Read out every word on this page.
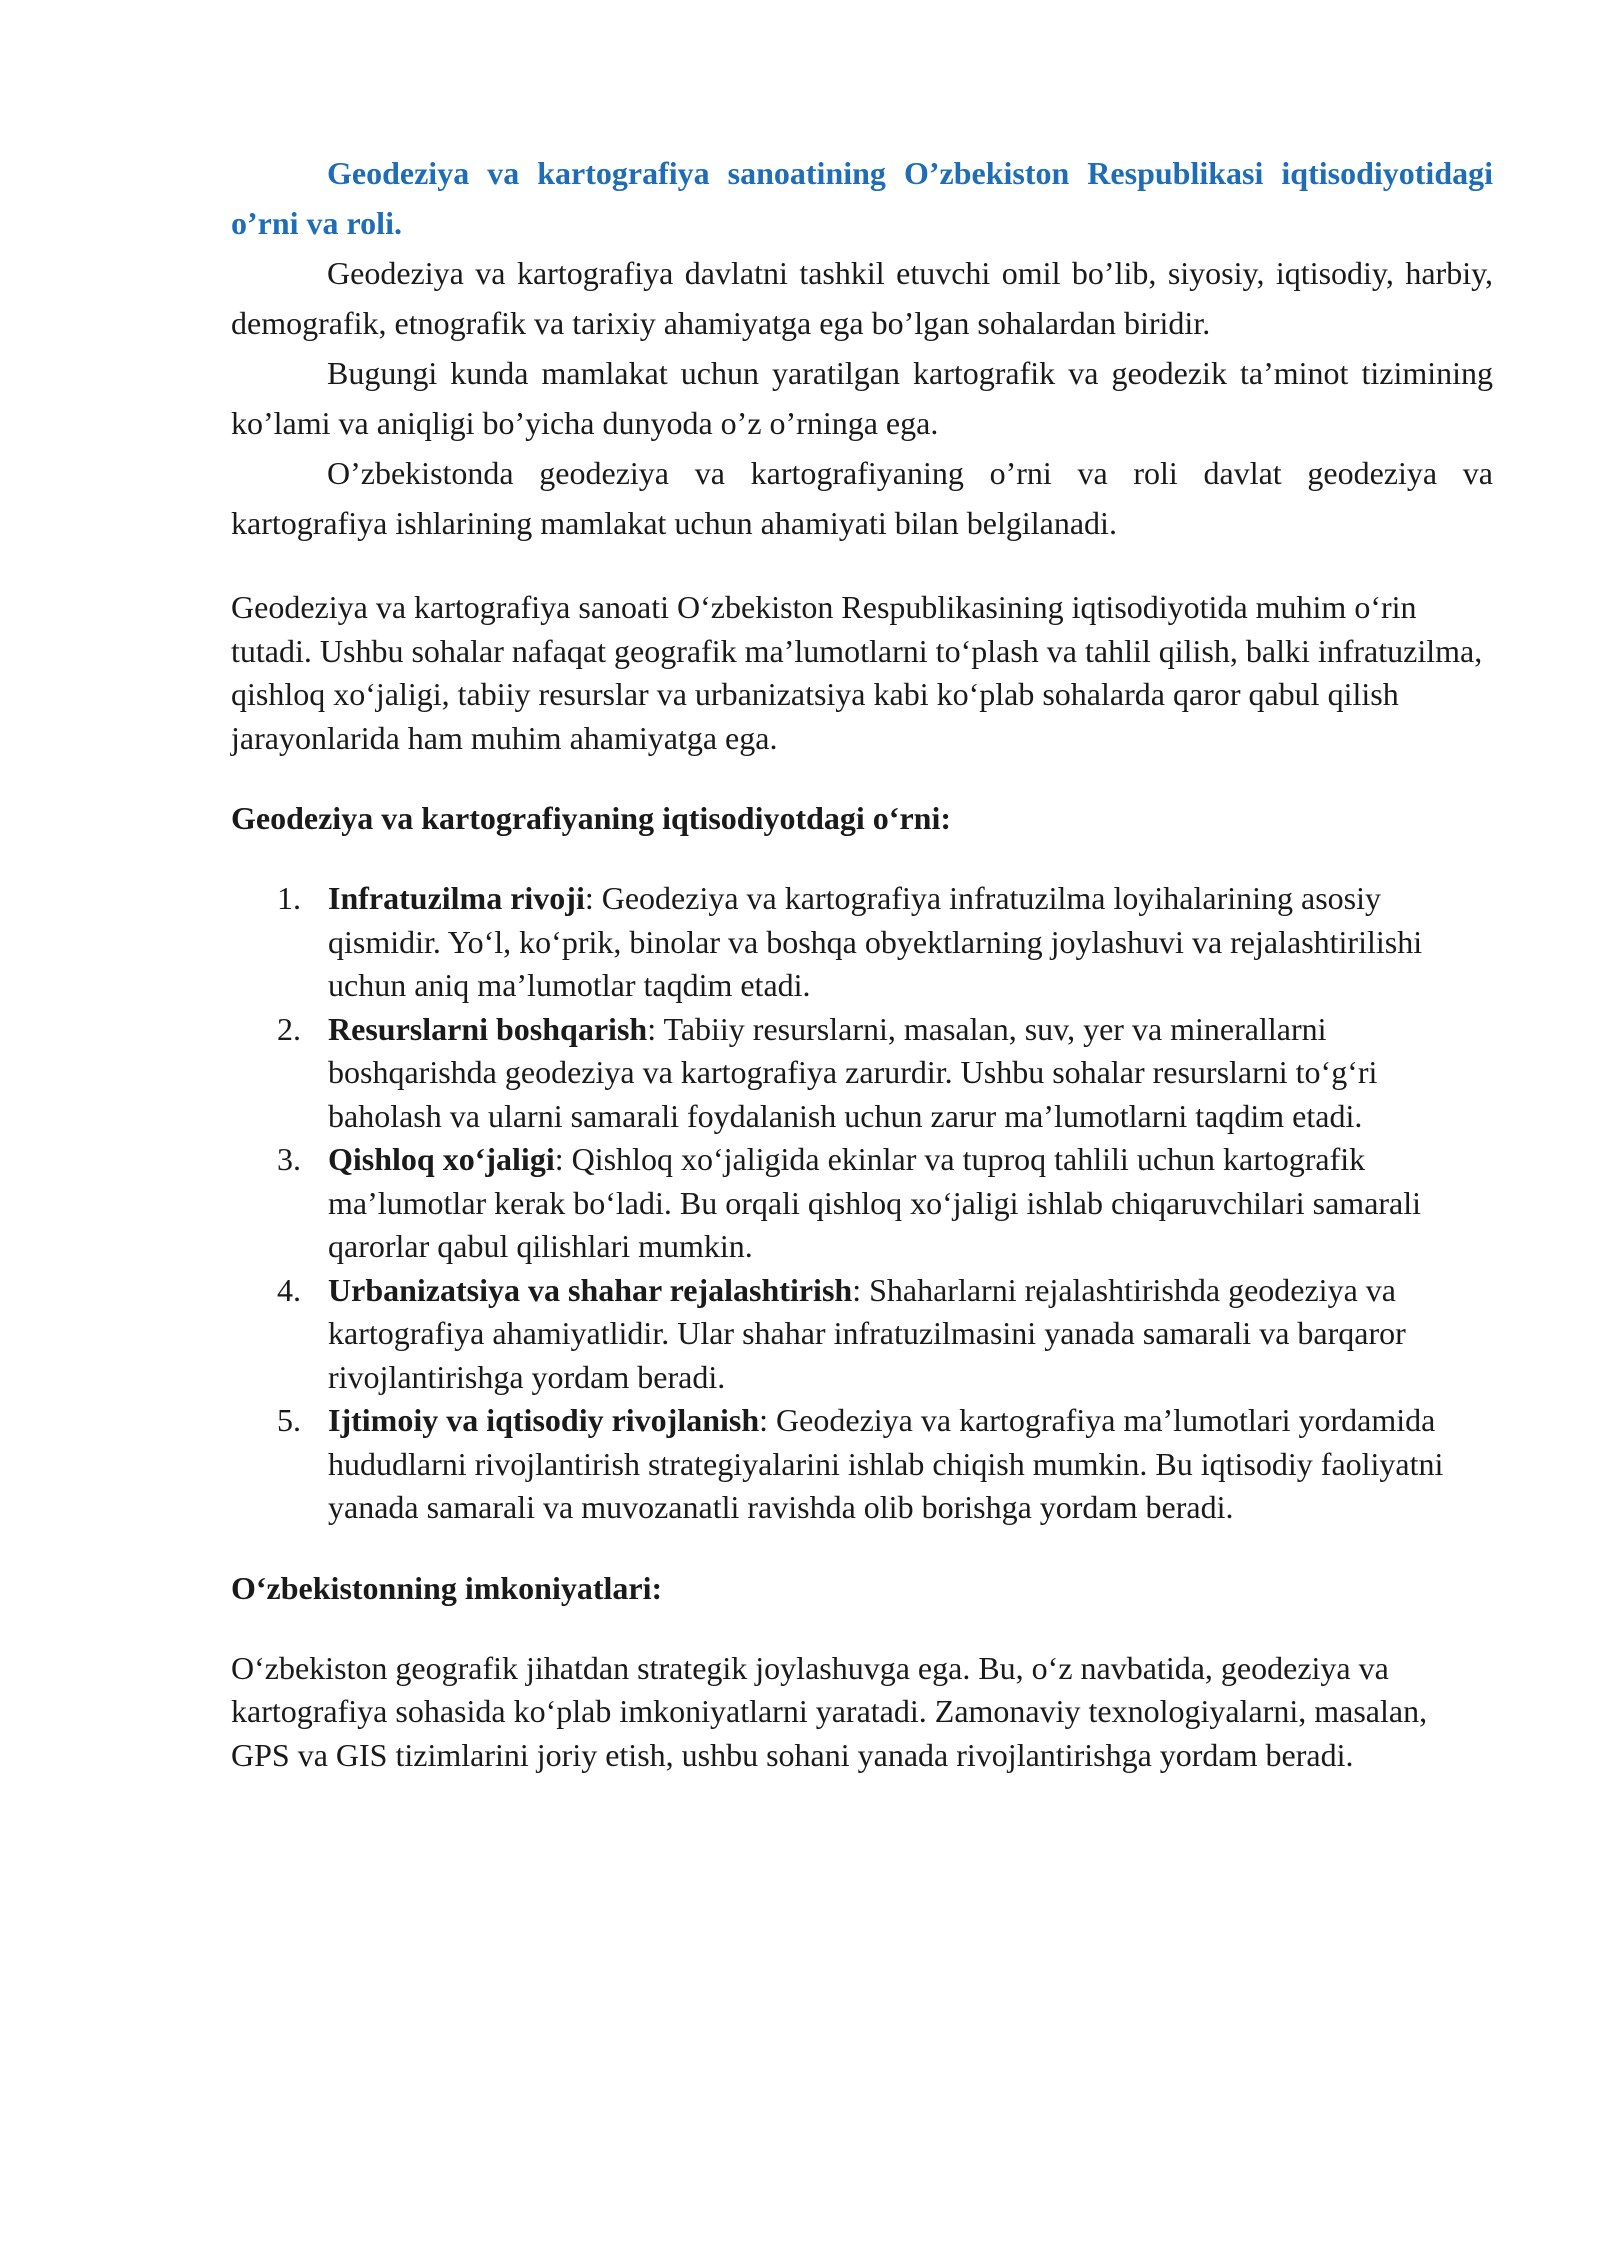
Geodeziya va kartografiya sanoatining O’zbekiston Respublikasi iqtisodiyotidagi o’rni va roli.

Geodeziya va kartografiya davlatni tashkil etuvchi omil bo’lib, siyosiy, iqtisodiy, harbiy, demografik, etnografik va tarixiy ahamiyatga ega bo’lgan sohalardan biridir.

Bugungi kunda mamlakat uchun yaratilgan kartografik va geodezik ta’minot tizimining ko’lami va aniqligi bo’yicha dunyoda o’z o’rninga ega.

O’zbekistonda geodeziya va kartografiyaning o’rni va roli davlat geodeziya va kartografiya ishlarining mamlakat uchun ahamiyati bilan belgilanadi.

Geodeziya va kartografiya sanoati O‘zbekiston Respublikasining iqtisodiyotida muhim o‘rin tutadi. Ushbu sohalar nafaqat geografik ma’lumotlarni to‘plash va tahlil qilish, balki infratuzilma, qishloq xo‘jaligi, tabiiy resurslar va urbanizatsiya kabi ko‘plab sohalarda qaror qabul qilish jarayonlarida ham muhim ahamiyatga ega.

Geodeziya va kartografiyaning iqtisodiyotdagi o‘rni:

1. Infratuzilma rivoji: Geodeziya va kartografiya infratuzilma loyihalarining asosiy qismidir. Yo‘l, ko‘prik, binolar va boshqa obyektlarning joylashuvi va rejalashtirilishi uchun aniq ma’lumotlar taqdim etadi.
2. Resurslarni boshqarish: Tabiiy resurslarni, masalan, suv, yer va minerallarni boshqarishda geodeziya va kartografiya zarurdir. Ushbu sohalar resurslarni to‘g‘ri baholash va ularni samarali foydalanish uchun zarur ma’lumotlarni taqdim etadi.
3. Qishloq xo‘jaligi: Qishloq xo‘jaligida ekinlar va tuproq tahlili uchun kartografik ma’lumotlar kerak bo‘ladi. Bu orqali qishloq xo‘jaligi ishlab chiqaruvchilari samarali qarorlar qabul qilishlari mumkin.
4. Urbanizatsiya va shahar rejalashtirish: Shaharlarni rejalashtirishda geodeziya va kartografiya ahamiyatlidir. Ular shahar infratuzilmasini yanada samarali va barqaror rivojlantirishga yordam beradi.
5. Ijtimoiy va iqtisodiy rivojlanish: Geodeziya va kartografiya ma’lumotlari yordamida hududlarni rivojlantirish strategiyalarini ishlab chiqish mumkin. Bu iqtisodiy faoliyatni yanada samarali va muvozanatli ravishda olib borishga yordam beradi.

O‘zbekistonning imkoniyatlari:

O‘zbekiston geografik jihatdan strategik joylashuvga ega. Bu, o‘z navbatida, geodeziya va kartografiya sohasida ko‘plab imkoniyatlarni yaratadi. Zamonaviy texnologiyalarni, masalan, GPS va GIS tizimlarini joriy etish, ushbu sohani yanada rivojlantirishga yordam beradi.
